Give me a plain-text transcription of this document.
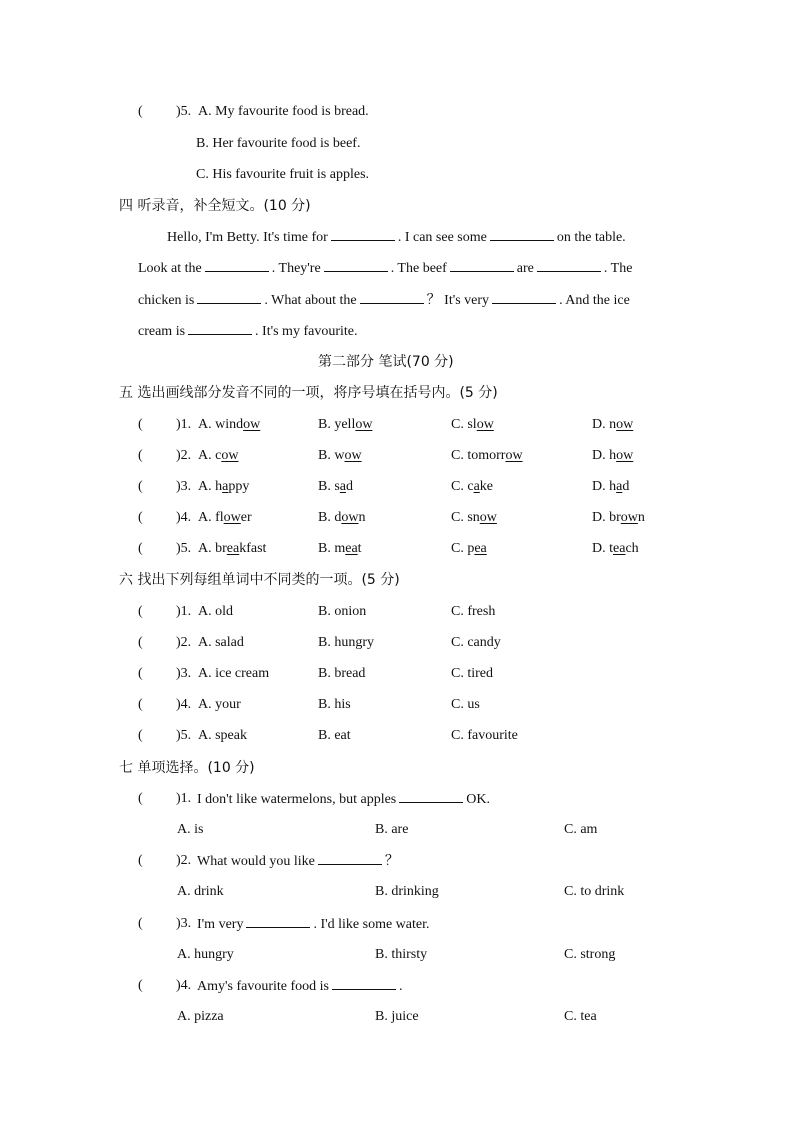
( )5. A. My favourite food is bread.
B. Her favourite food is beef.
C. His favourite fruit is apples.
四 听录音，补全短文。(10 分)
Hello, I'm Betty. It's time for	. I can see some	on the table.
Look at the	. They're	. The beef	are	. The
chicken is	. What about the	？ It's very	. And the ice
cream is	. It's my favourite.
第二部分 笔试(70 分)
五 选出画线部分发音不同的一项，将序号填在括号内。(5 分)
( )1. A. window	B. yellow	C. slow	D. now
( )2. A. cow	B. wow	C. tomorrow	D. how
( )3. A. happy	B. sad	C. cake	D. had
( )4. A. flower	B. down	C. snow	D. brown
( )5. A. breakfast	B. meat	C. pea	D. teach
六 找出下列每组单词中不同类的一项。(5 分)
( )1. A. old	B. onion	C. fresh
( )2. A. salad	B. hungry	C. candy
( )3. A. ice cream	B. bread	C. tired
( )4. A. your	B. his	C. us
( )5. A. speak	B. eat	C. favourite
七 单项选择。(10 分)
( )1. I don't like watermelons, but apples	OK.
A. is	B. are	C. am
( )2. What would you like	？
A. drink	B. drinking	C. to drink
( )3. I'm very	. I'd like some water.
A. hungry	B. thirsty	C. strong
( )4. Amy's favourite food is	.
A. pizza	B. juice	C. tea
